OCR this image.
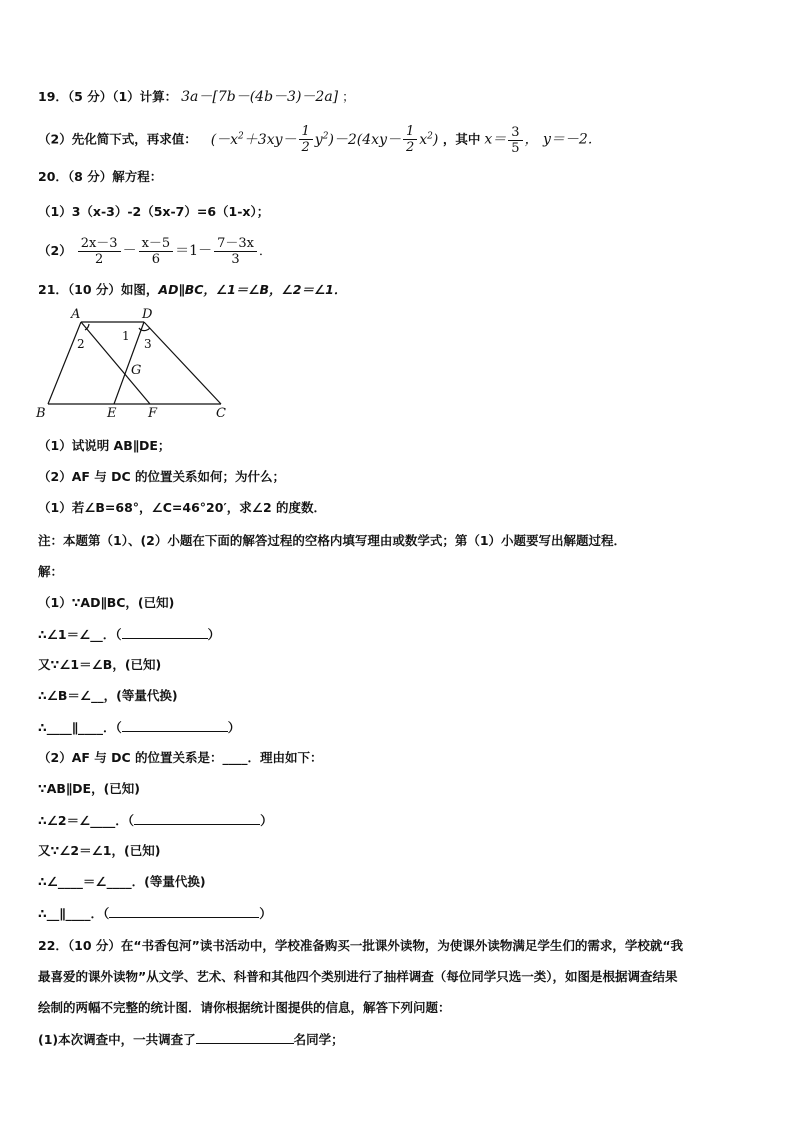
19．（5 分）（1）计算： 3a－[7b－(4b－3)－2a] ；
（2）先化简下式，再求值： $(-x^2+3xy- \frac{1}{2} y^2)-2(4xy- \frac{1}{2} x^2)$ ，其中 $x= \frac{3}{5}$ ， y＝－2．
20．（8 分）解方程：
（1）3（x-3）-2（5x-7）=6（1-x）；
$(2) \frac{2x-3}{2} - \frac{x-5}{6} =1- \frac{7-3x}{3}$ ．
21．（10 分）如图，AD∥BC，∠1＝∠B，∠2＝∠1．
A	D
B	E F	C
G
2
1
3
（1）试说明 AB∥DE；
（2）AF 与 DC 的位置关系如何；为什么；
（1）若∠B=68°，∠C=46°20′，求∠2 的度数．
注：本题第（1）、(2）小题在下面的解答过程的空格内填写理由或数学式；第（1）小题要写出解题过程．
解：
（1）∵AD∥BC，(已知)
∴∠1＝∠__．（	）
又∵∠1＝∠B，(已知)
∴∠B＝∠__，(等量代换)
∴____∥____．（	）
（2）AF 与 DC 的位置关系是：____．理由如下：
∵AB∥DE，(已知)
∴∠2＝∠____．（	）
又∵∠2＝∠1，(已知)
∴∠____＝∠____．(等量代换)
∴__∥____．（	）
22．（10 分）在“书香包河”读书活动中，学校准备购买一批课外读物，为使课外读物满足学生们的需求，学校就“我
最喜爱的课外读物”从文学、艺术、科普和其他四个类别进行了抽样调查（每位同学只选一类），如图是根据调查结果
绘制的两幅不完整的统计图．请你根据统计图提供的信息，解答下列问题：
(1)本次调查中，一共调查了	名同学；
